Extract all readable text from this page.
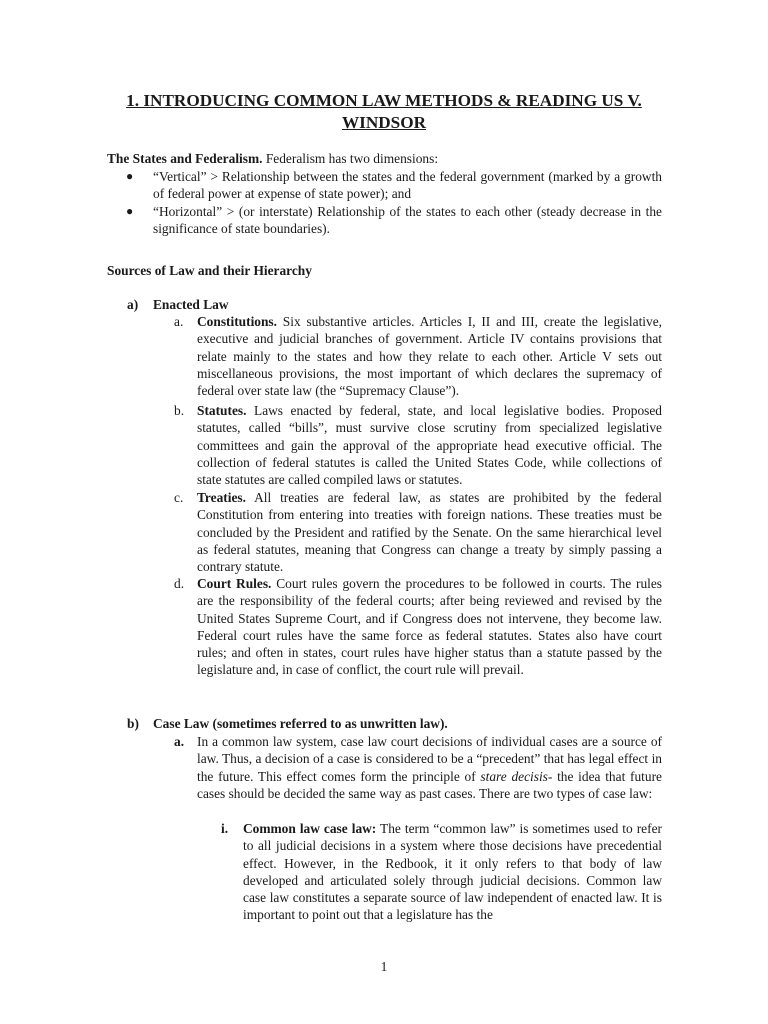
1. INTRODUCING COMMON LAW METHODS & READING US V. WINDSOR

The States and Federalism. Federalism has two dimensions:

● “Vertical” > Relationship between the states and the federal government (marked by a growth of federal power at expense of state power); and
● “Horizontal” > (or interstate) Relationship of the states to each other (steady decrease in the significance of state boundaries).

Sources of Law and their Hierarchy

a) Enacted Law
a. Constitutions. Six substantive articles. Articles I, II and III, create the legislative, executive and judicial branches of government. Article IV contains provisions that relate mainly to the states and how they relate to each other. Article V sets out miscellaneous provisions, the most important of which declares the supremacy of federal over state law (the “Supremacy Clause”).

b. Statutes. Laws enacted by federal, state, and local legislative bodies. Proposed statutes, called “bills”, must survive close scrutiny from specialized legislative committees and gain the approval of the appropriate head executive official. The collection of federal statutes is called the United States Code, while collections of state statutes are called compiled laws or statutes.

c. Treaties. All treaties are federal law, as states are prohibited by the federal Constitution from entering into treaties with foreign nations. These treaties must be concluded by the President and ratified by the Senate. On the same hierarchical level as federal statutes, meaning that Congress can change a treaty by simply passing a contrary statute.

d. Court Rules. Court rules govern the procedures to be followed in courts. The rules are the responsibility of the federal courts; after being reviewed and revised by the United States Supreme Court, and if Congress does not intervene, they become law. Federal court rules have the same force as federal statutes. States also have court rules; and often in states, court rules have higher status than a statute passed by the legislature and, in case of conflict, the court rule will prevail.

b) Case Law (sometimes referred to as unwritten law).
a. In a common law system, case law court decisions of individual cases are a source of law. Thus, a decision of a case is considered to be a “precedent” that has legal effect in the future. This effect comes form the principle of stare decisis- the idea that future cases should be decided the same way as past cases. There are two types of case law:

i. Common law case law: The term “common law” is sometimes used to refer to all judicial decisions in a system where those decisions have precedential effect. However, in the Redbook, it it only refers to that body of law developed and articulated solely through judicial decisions. Common law case law constitutes a separate source of law independent of enacted law. It is important to point out that a legislature has the

1
